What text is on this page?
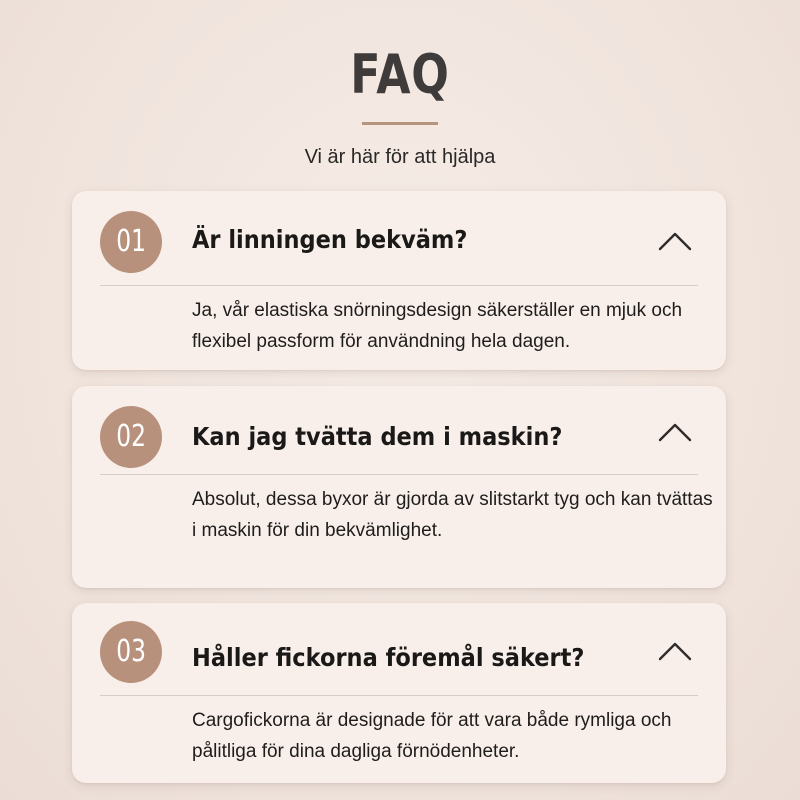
FAQ
Vi är här för att hjälpa
01	Är linningen bekväm?
Ja, vår elastiska snörningsdesign säkerställer en mjuk och flexibel passform för användning hela dagen.
02	Kan jag tvätta dem i maskin?
Absolut, dessa byxor är gjorda av slitstarkt tyg och kan tvättas i maskin för din bekvämlighet.
03	Håller fickorna föremål säkert?
Cargofickorna är designade för att vara både rymliga och pålitliga för dina dagliga förnödenheter.
